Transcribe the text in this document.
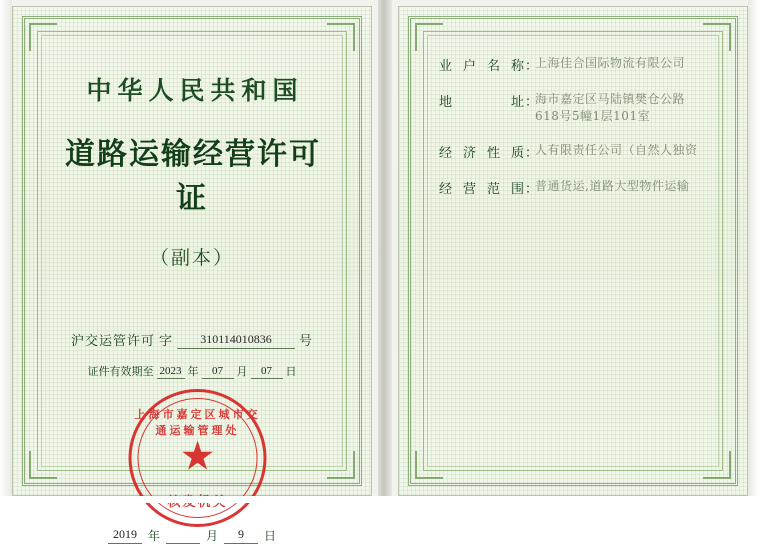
中华人民共和国
道路运输经营许可证
（副本）
沪交运管许可 字	310114010836	号
证件有效期至 2023 年	07	月	07	日
上海市嘉定区城市交通运输管理处
★
2019 年	月	9	日
业户名称 ：
上海佳合国际物流有限公司
地址 ：
海市嘉定区马陆镇樊仓公路
618号5幢1层101室
经济性质 ：
人有限责任公司（自然人独资
经营范围 ：
普通货运,道路大型物件运输
